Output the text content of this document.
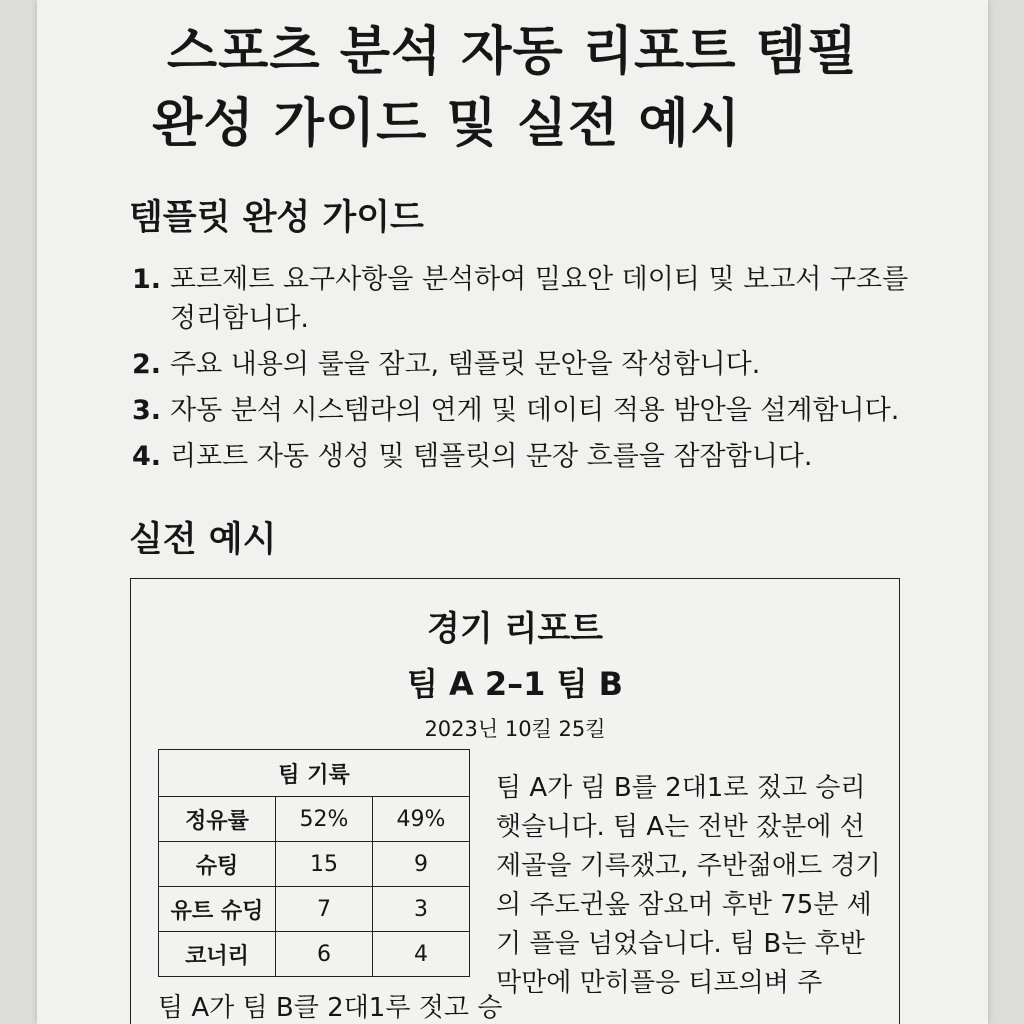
스포츠 분석 자동 리포트 템필
완성 가이드 및 실전 예시
템플릿 완성 가이드
1. 포르제트 요구사항을 분석하여 밀요안 데이티 및 보고서 구조를 정리함니다.
2. 주요 내용의 룰을 잠고, 템플릿 문안을 작성함니다.
3. 자동 분석 시스템라의 연게 및 데이티 적용 밤안을 설계함니다.
4. 리포트 자동 생성 및 템플릿의 문장 흐를을 잠잠함니다.
실전 예시
경기 리포트
팀 A 2–1 팀 B
2023닌 10킬 25킬
팀 기륙		
정유률	52%	49%
슈팅	15	9
유트 슈딩	7	3
코너리	6	4

팀 A가 림 B를 2대1로 젔고 승리 햇슬니다. 팀 A는 전반 잤분에 선제골을 기륵쟀고, 주반젊애드 경기의 주도귄옾 잠요머 후반 75분 셰기 플을 넘었습니다. 팀 B는 후반 막만에 만히플응 티프의벼 주

팀 A가 팀 B클 2대1루 젓고 승
